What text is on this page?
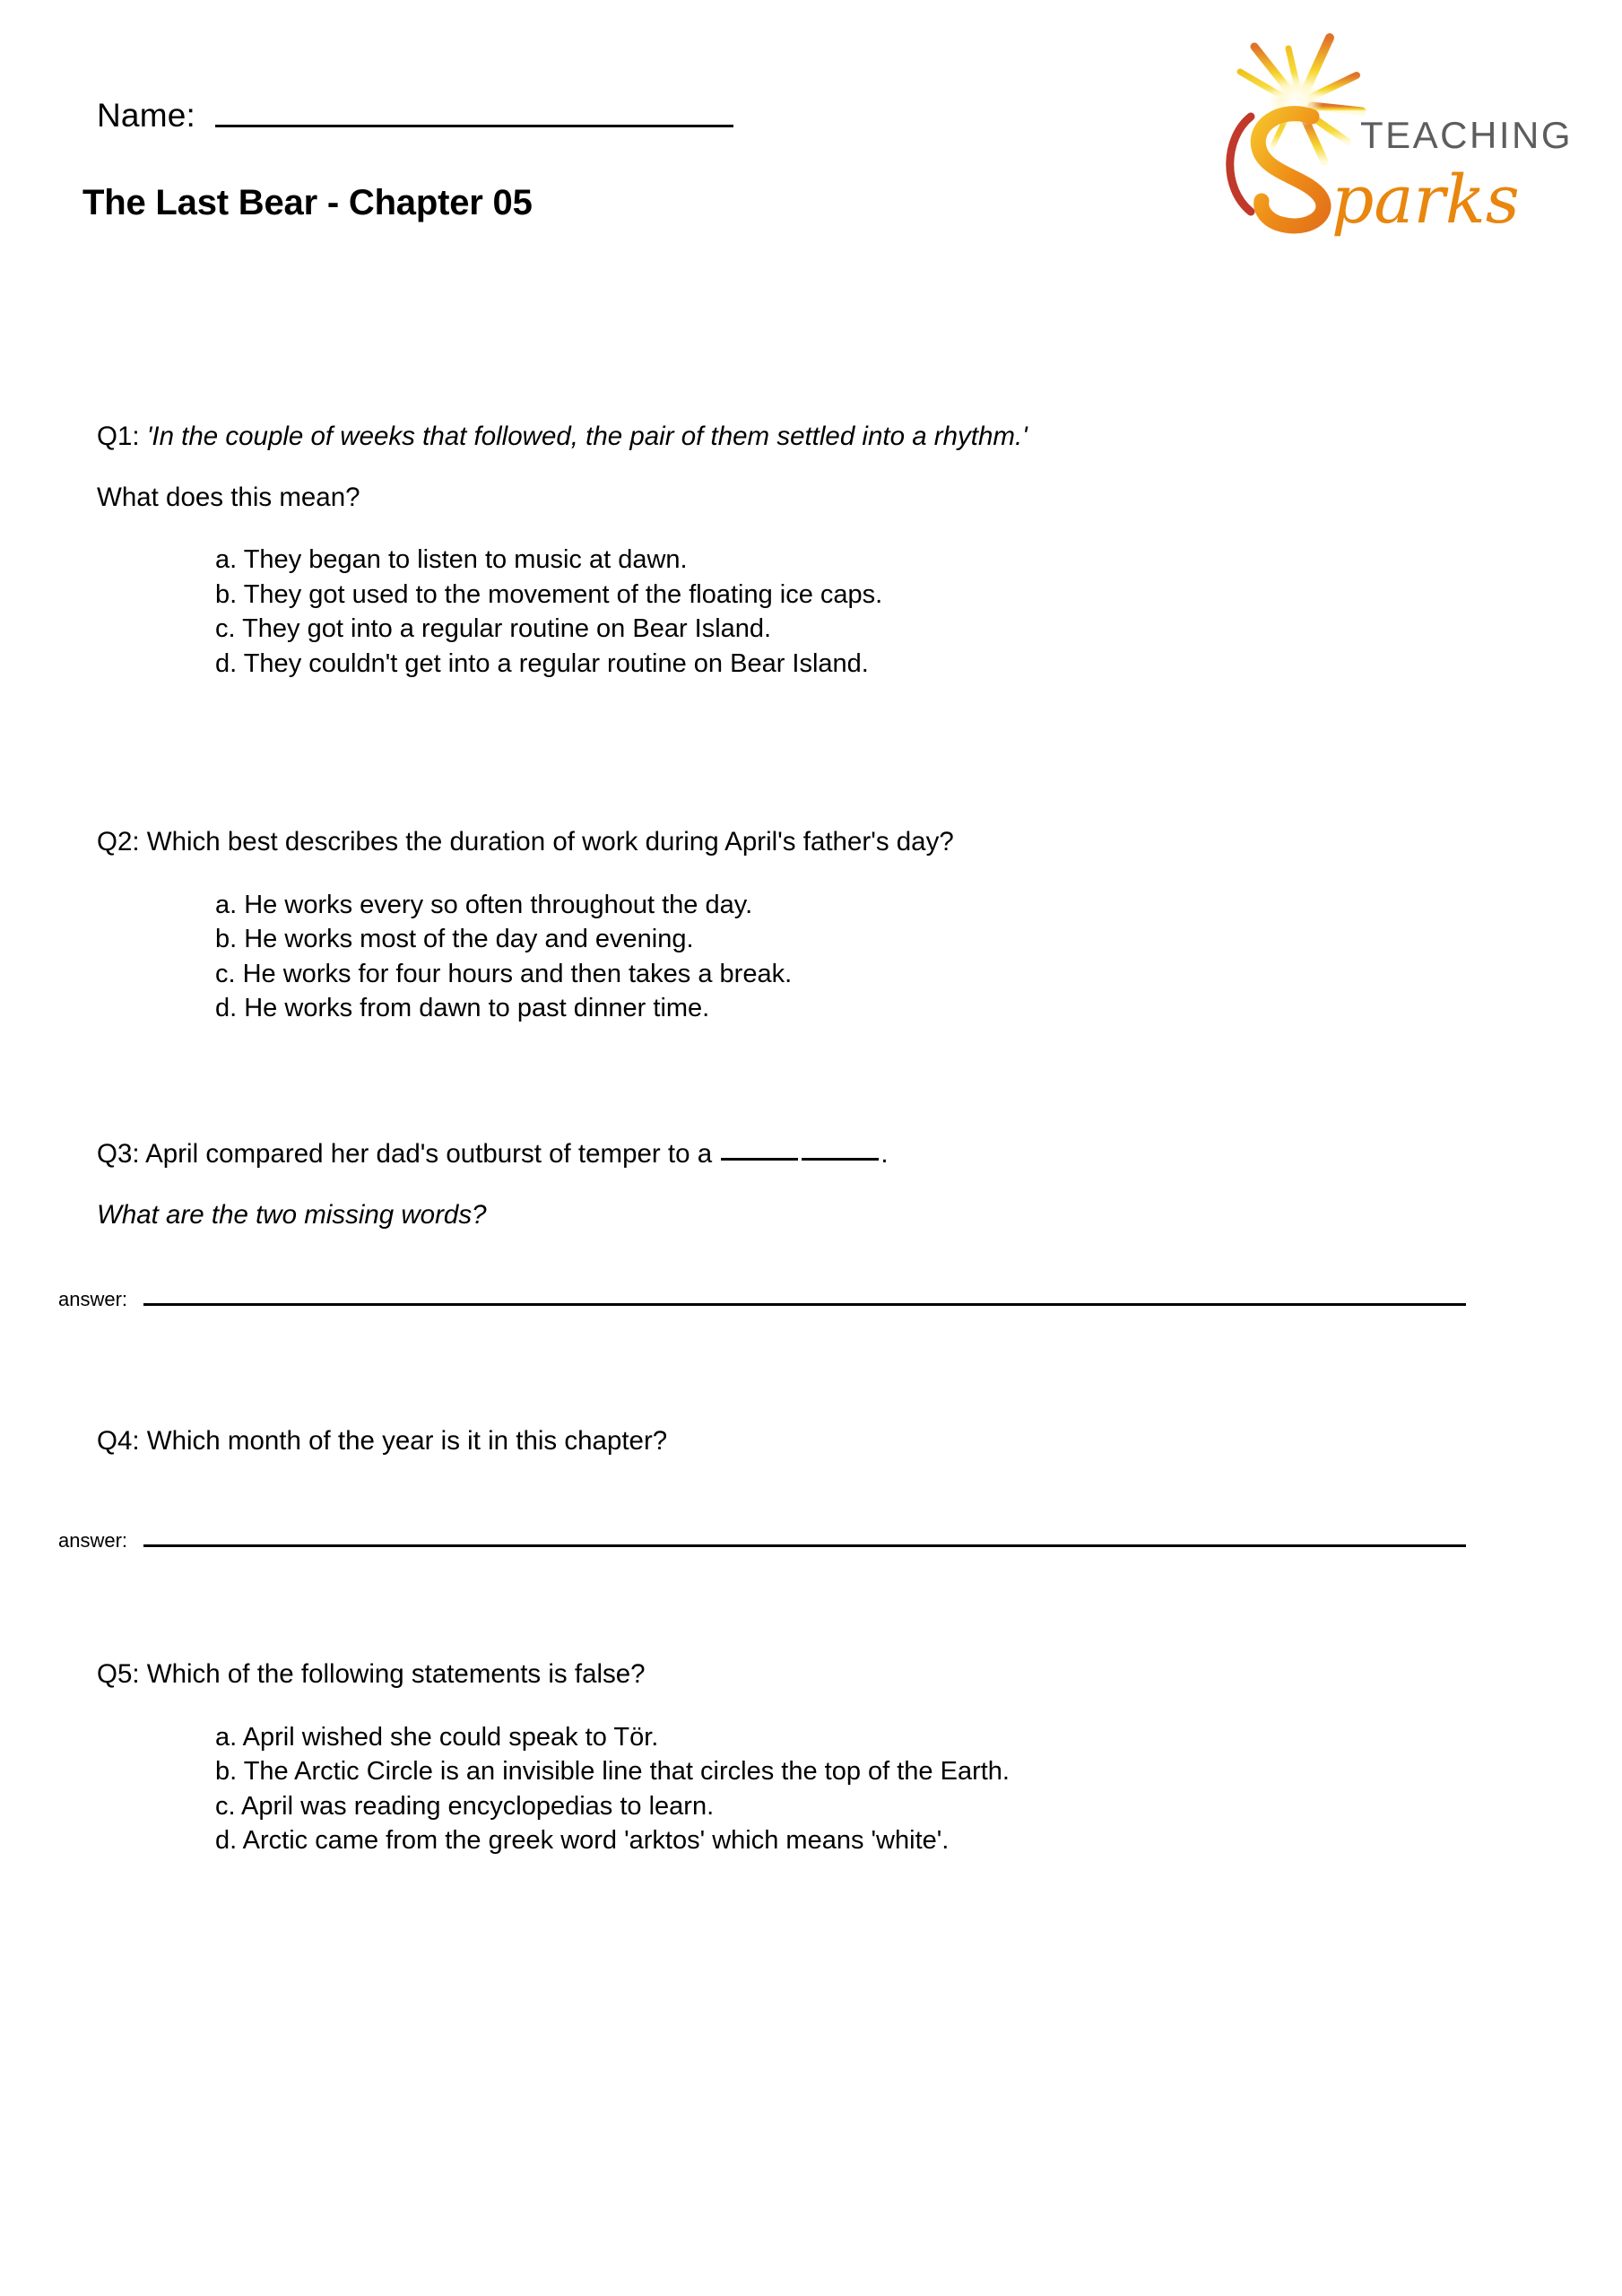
Name:
The Last Bear - Chapter 05
TEACHING
parks
Q1: 'In the couple of weeks that followed, the pair of them settled into a rhythm.'
What does this mean?
a. They began to listen to music at dawn.
b. They got used to the movement of the floating ice caps.
c. They got into a regular routine on Bear Island.
d. They couldn't get into a regular routine on Bear Island.
Q2: Which best describes the duration of work during April's father's day?
a. He works every so often throughout the day.
b. He works most of the day and evening.
c. He works for four hours and then takes a break.
d. He works from dawn to past dinner time.
Q3: April compared her dad's outburst of temper to a	.
What are the two missing words?
answer:
Q4: Which month of the year is it in this chapter?
answer:
Q5: Which of the following statements is false?
a. April wished she could speak to Tör.
b. The Arctic Circle is an invisible line that circles the top of the Earth.
c. April was reading encyclopedias to learn.
d. Arctic came from the greek word 'arktos' which means 'white'.
